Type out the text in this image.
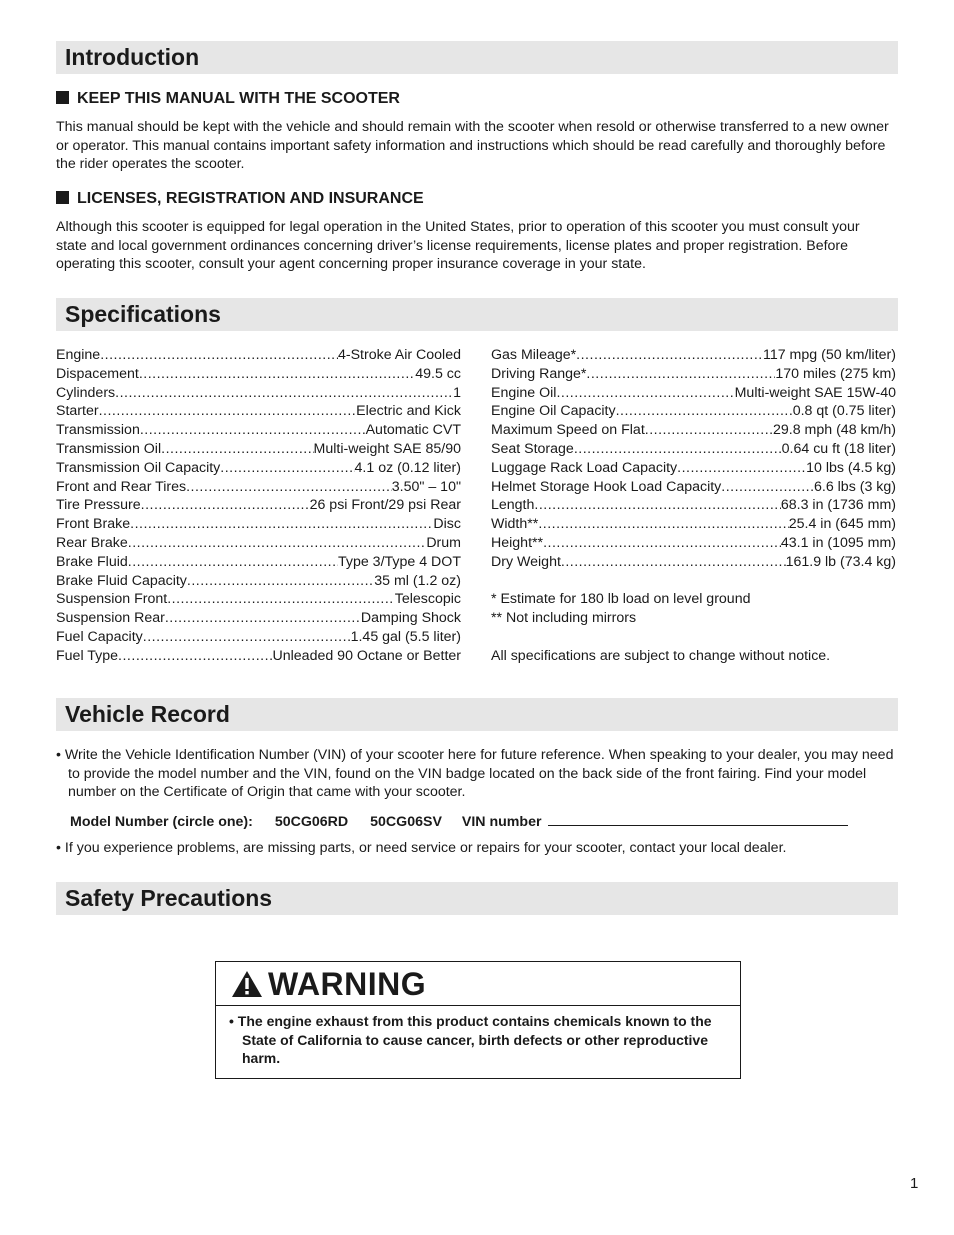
Introduction
KEEP THIS MANUAL WITH THE SCOOTER

This manual should be kept with the vehicle and should remain with the scooter when resold or otherwise transferred to a new owner or operator. This manual contains important safety information and instructions which should be read carefully and thoroughly before the rider operates the scooter.

LICENSES, REGISTRATION AND INSURANCE

Although this scooter is equipped for legal operation in the United States, prior to operation of this scooter you must consult your state and local government ordinances concerning driver’s license requirements, license plates and proper registration. Before operating this scooter, consult your agent concerning proper insurance coverage in your state.

Specifications
Engine .....	4-Stroke Air Cooled
Dispacement .....	49.5 cc
Cylinders .....	1
Starter .....	Electric and Kick
Transmission .....	Automatic CVT
Transmission Oil .....	Multi-weight SAE 85/90
Transmission Oil Capacity .....	4.1 oz (0.12 liter)
Front and Rear Tires .....	3.50" – 10"
Tire Pressure .....	26 psi Front/29 psi Rear
Front Brake .....	Disc
Rear Brake .....	Drum
Brake Fluid .....	Type 3/Type 4 DOT
Brake Fluid Capacity .....	35 ml (1.2 oz)
Suspension Front .....	Telescopic
Suspension Rear .....	Damping Shock
Fuel Capacity .....	1.45 gal (5.5 liter)
Fuel Type .....	Unleaded 90 Octane or Better
Gas Mileage* .....	117 mpg (50 km/liter)
Driving Range* .....	170 miles (275 km)
Engine Oil .....	Multi-weight SAE 15W-40
Engine Oil Capacity .....	0.8 qt (0.75 liter)
Maximum Speed on Flat .....	29.8 mph (48 km/h)
Seat Storage .....	0.64 cu ft (18 liter)
Luggage Rack Load Capacity .....	10 lbs (4.5 kg)
Helmet Storage Hook Load Capacity .....	6.6 lbs (3 kg)
Length .....	68.3 in (1736 mm)
Width** .....	25.4 in (645 mm)
Height** .....	43.1 in (1095 mm)
Dry Weight .....	161.9 lb (73.4 kg)
* Estimate for 180 lb load on level ground
** Not including mirrors
All specifications are subject to change without notice.
Vehicle Record

• Write the Vehicle Identification Number (VIN) of your scooter here for future reference. When speaking to your dealer, you may need to provide the model number and the VIN, found on the VIN badge located on the back side of the front fairing. Find your model number on the Certificate of Origin that came with your scooter.

Model Number (circle one): 50CG06RD 50CG06SV VIN number

• If you experience problems, are missing parts, or need service or repairs for your scooter, contact your local dealer.

Safety Precautions
WARNING

• The engine exhaust from this product contains chemicals known to the State of California to cause cancer, birth defects or other reproductive harm.

1
